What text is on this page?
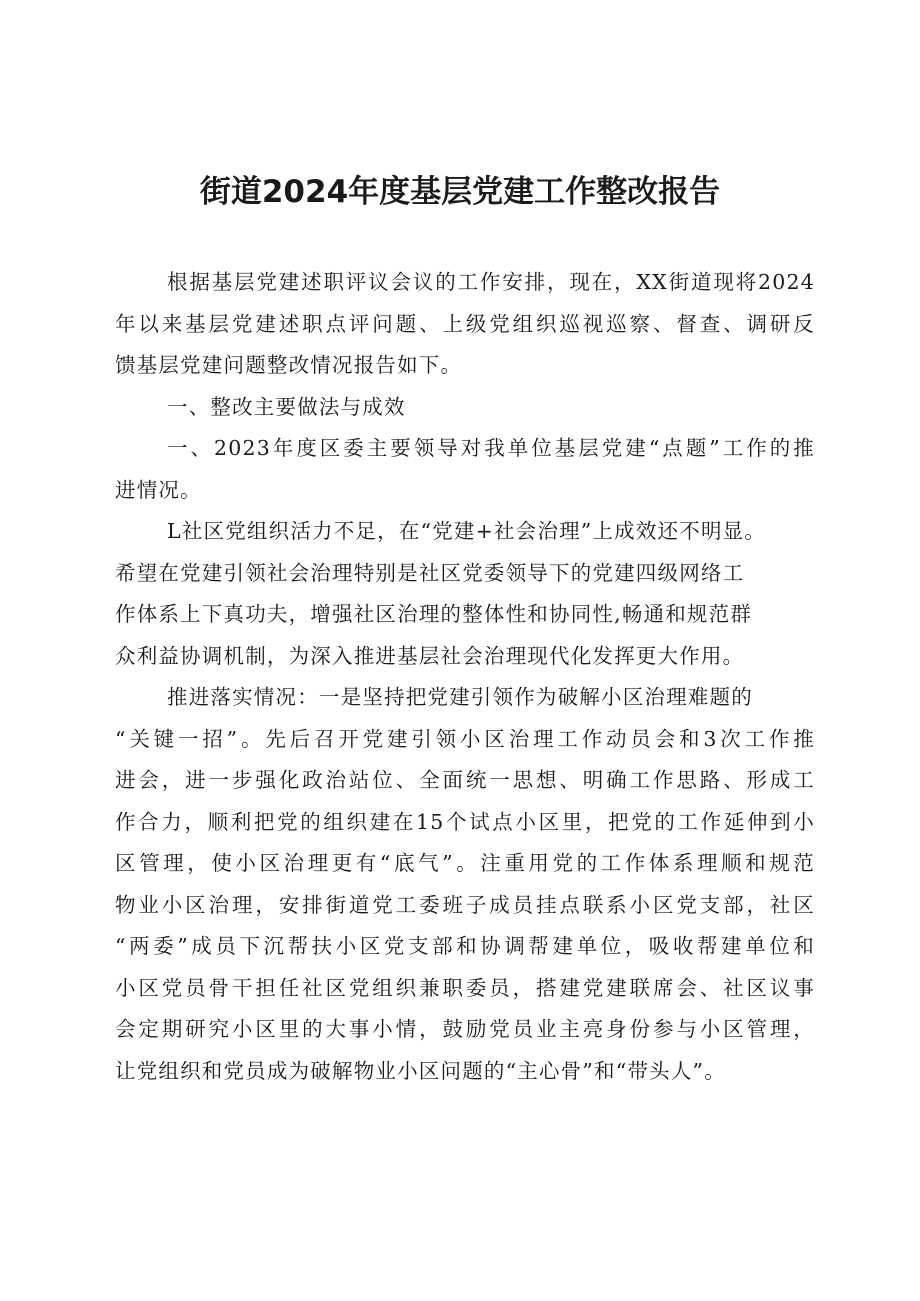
街道2024年度基层党建工作整改报告
根据基层党建述职评议会议的工作安排，现在，XX街道现将2024
年以来基层党建述职点评问题、上级党组织巡视巡察、督查、调研反
馈基层党建问题整改情况报告如下。
一、整改主要做法与成效
一、2023年度区委主要领导对我单位基层党建“点题”工作的推
进情况。
L社区党组织活力不足，在“党建+社会治理”上成效还不明显。
希望在党建引领社会治理特别是社区党委领导下的党建四级网络工
作体系上下真功夫，增强社区治理的整体性和协同性,畅通和规范群
众利益协调机制，为深入推进基层社会治理现代化发挥更大作用。
推进落实情况：一是坚持把党建引领作为破解小区治理难题的
“关键一招”。先后召开党建引领小区治理工作动员会和3次工作推
进会，进一步强化政治站位、全面统一思想、明确工作思路、形成工
作合力，顺利把党的组织建在15个试点小区里，把党的工作延伸到小
区管理，使小区治理更有“底气”。注重用党的工作体系理顺和规范
物业小区治理，安排街道党工委班子成员挂点联系小区党支部，社区
“两委”成员下沉帮扶小区党支部和协调帮建单位，吸收帮建单位和
小区党员骨干担任社区党组织兼职委员，搭建党建联席会、社区议事
会定期研究小区里的大事小情，鼓励党员业主亮身份参与小区管理，
让党组织和党员成为破解物业小区问题的“主心骨”和“带头人”。
